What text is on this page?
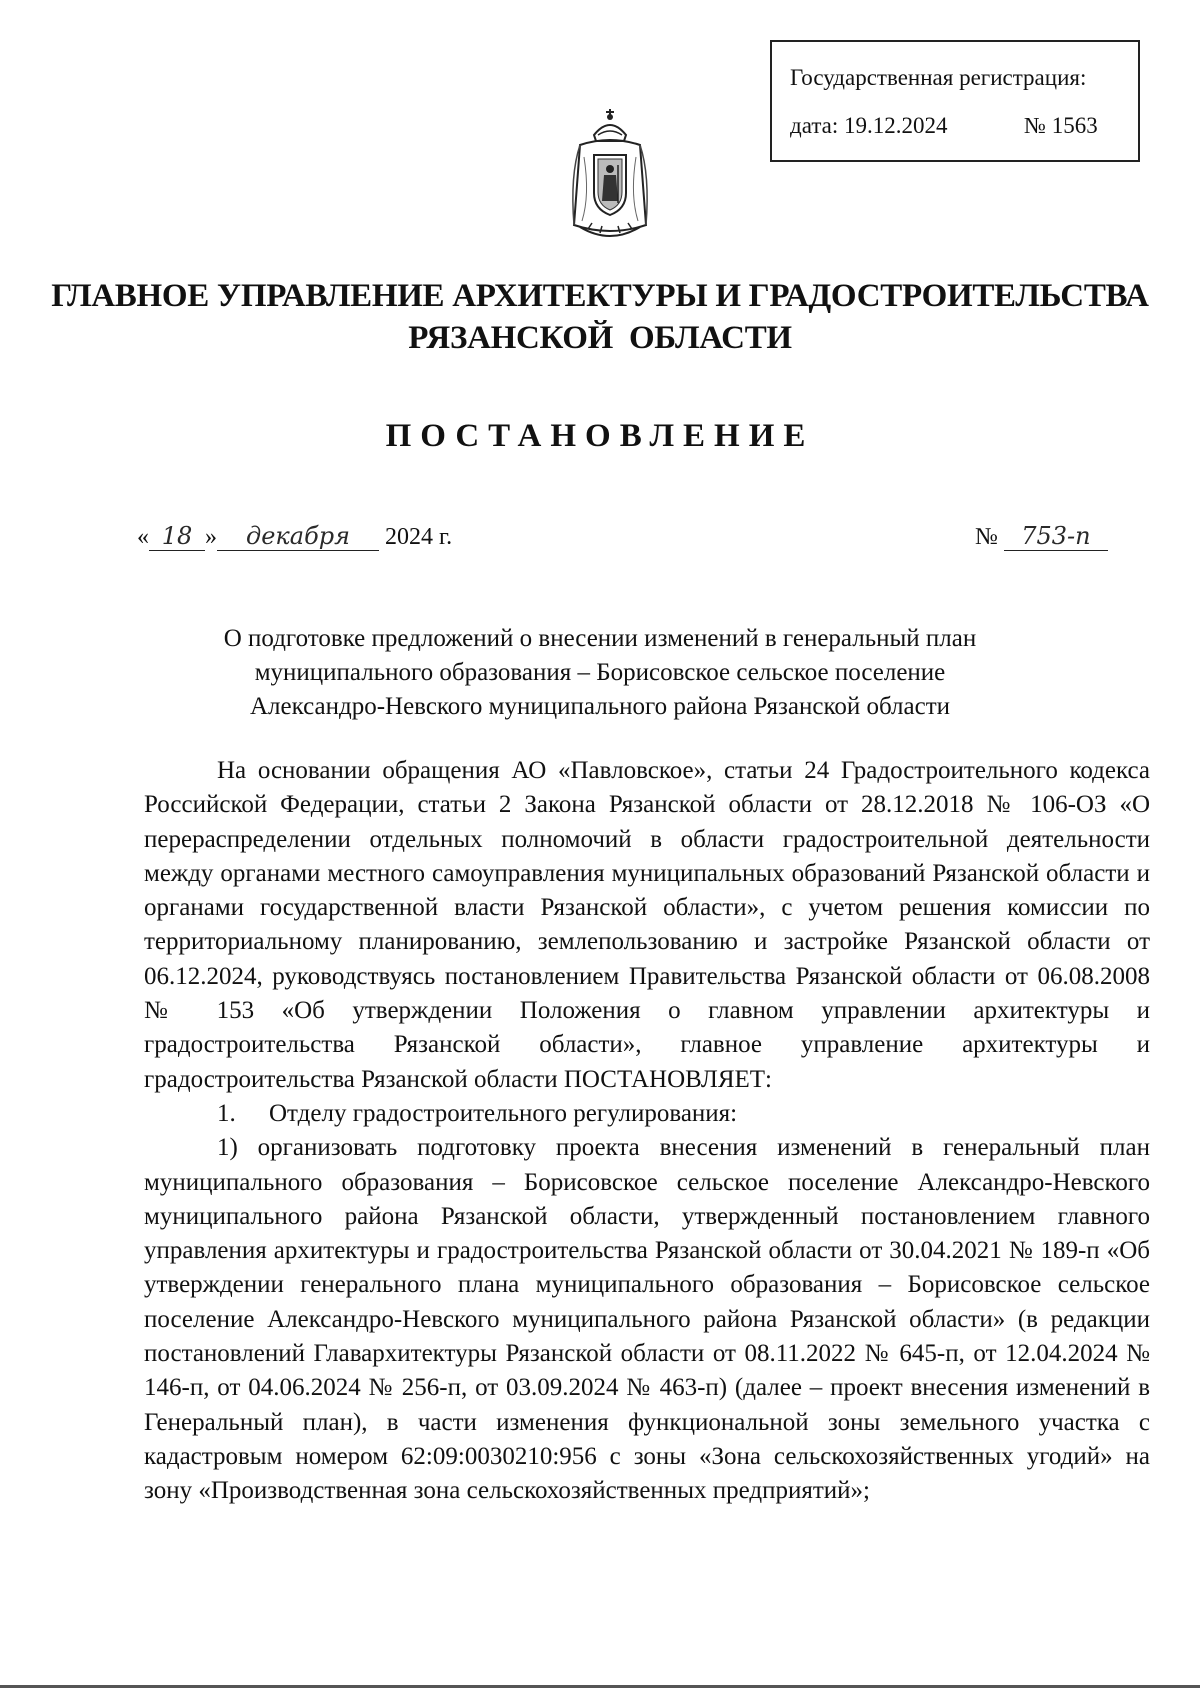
Государственная регистрация:
дата: 19.12.2024	№ 1563
ГЛАВНОЕ УПРАВЛЕНИЕ АРХИТЕКТУРЫ И ГРАДОСТРОИТЕЛЬСТВА
РЯЗАНСКОЙ  ОБЛАСТИ
ПОСТАНОВЛЕНИЕ
« 18 » декабря 2024 г.	№ 753-п
О подготовке предложений о внесении изменений в генеральный план
муниципального образования – Борисовское сельское поселение
Александро-Невского муниципального района Рязанской области

На основании обращения АО «Павловское», статьи 24 Градостроительного кодекса Российской Федерации, статьи 2 Закона Рязанской области от 28.12.2018 № 106-ОЗ «О перераспределении отдельных полномочий в области градостроительной деятельности между органами местного самоуправления муниципальных образований Рязанской области и органами государственной власти Рязанской области», с учетом решения комиссии по территориальному планированию, землепользованию и застройке Рязанской области от 06.12.2024, руководствуясь постановлением Правительства Рязанской области от 06.08.2008 № 153 «Об утверждении Положения о главном управлении архитектуры и градостроительства Рязанской области», главное управление архитектуры и градостроительства Рязанской области ПОСТАНОВЛЯЕТ:

1. Отделу градостроительного регулирования:

1) организовать подготовку проекта внесения изменений в генеральный план муниципального образования – Борисовское сельское поселение Александро-Невского муниципального района Рязанской области, утвержденный постановлением главного управления архитектуры и градостроительства Рязанской области от 30.04.2021 № 189-п «Об утверждении генерального плана муниципального образования – Борисовское сельское поселение Александро-Невского муниципального района Рязанской области» (в редакции постановлений Главархитектуры Рязанской области от 08.11.2022 № 645-п, от 12.04.2024 № 146-п, от 04.06.2024 № 256-п, от 03.09.2024 № 463-п) (далее – проект внесения изменений в Генеральный план), в части изменения функциональной зоны земельного участка с кадастровым номером 62:09:0030210:956 с зоны «Зона сельскохозяйственных угодий» на зону «Производственная зона сельскохозяйственных предприятий»;
